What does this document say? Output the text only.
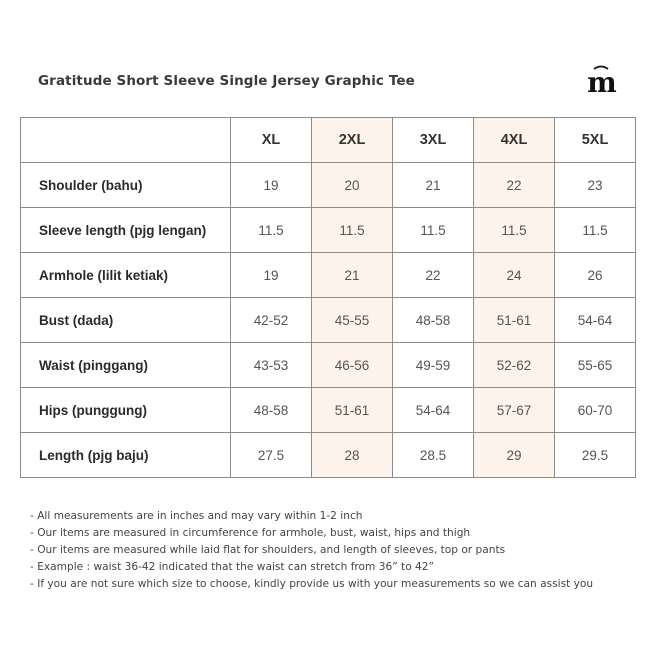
Gratitude Short Sleeve Single Jersey Graphic Tee	m
	XL	2XL	3XL	4XL	5XL
Shoulder (bahu)	19	20	21	22	23
Sleeve length (pjg lengan)	11.5	11.5	11.5	11.5	11.5
Armhole (lilit ketiak)	19	21	22	24	26
Bust (dada)	42-52	45-55	48-58	51-61	54-64
Waist (pinggang)	43-53	46-56	49-59	52-62	55-65
Hips (punggung)	48-58	51-61	54-64	57-67	60-70
Length (pjg baju)	27.5	28	28.5	29	29.5
- All measurements are in inches and may vary within 1-2 inch
- Our items are measured in circumference for armhole, bust, waist, hips and thigh
- Our items are measured while laid flat for shoulders, and length of sleeves, top or pants
- Example : waist 36-42 indicated that the waist can stretch from 36” to 42”
- If you are not sure which size to choose, kindly provide us with your measurements so we can assist you
